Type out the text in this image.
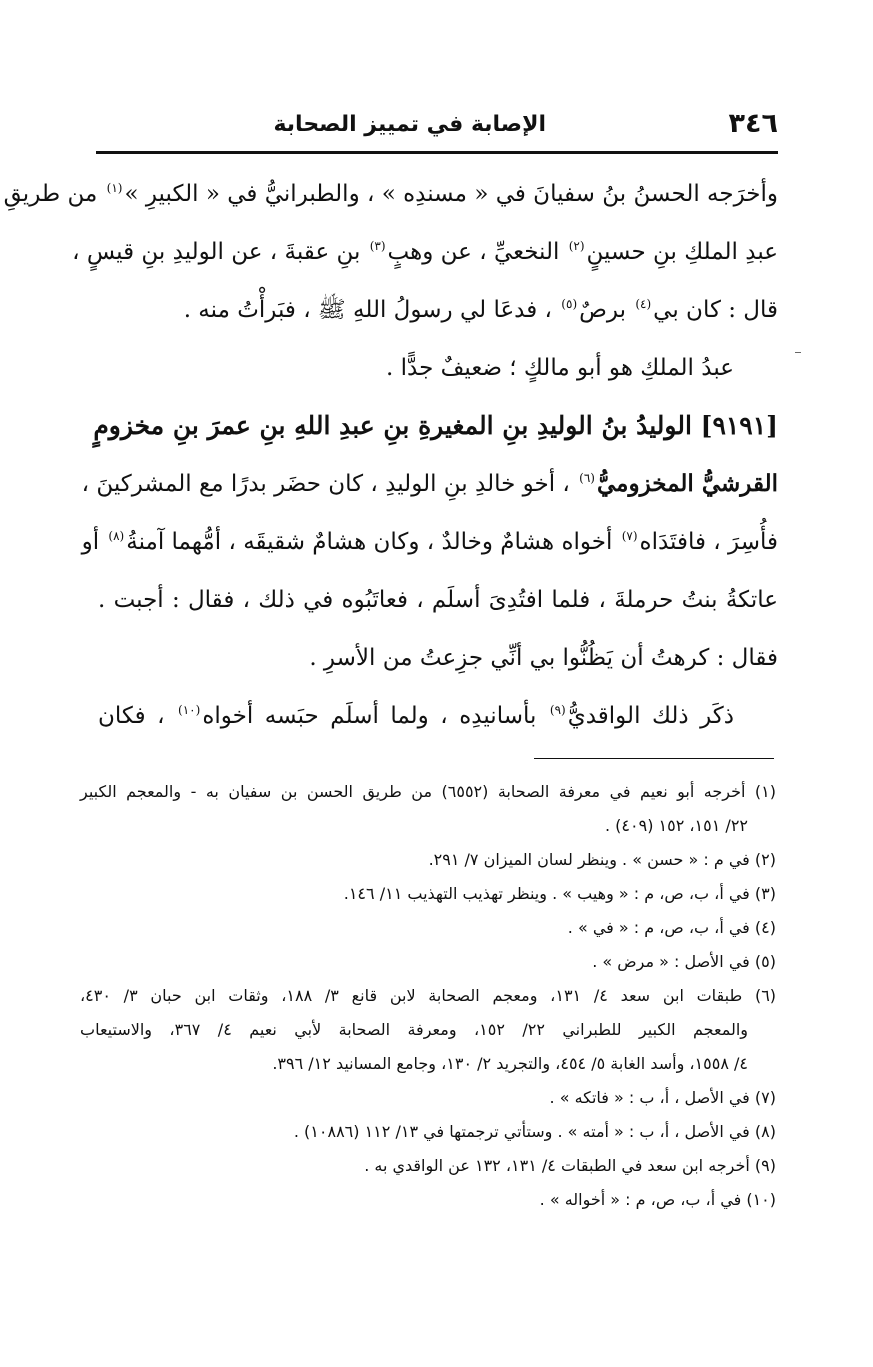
٣٤٦
الإصابة في تمييز الصحابة
وأخرَجه الحسنُ بنُ سفيانَ في « مسندِه » ، والطبرانيُّ في « الكبيرِ »$^{(١)}$ من طريقِ
عبدِ الملكِ بنِ حسينٍ$^{(٢)}$ النخعيِّ ، عن وهبٍ$^{(٣)}$ بنِ عقبةَ ، عن الوليدِ بنِ قيسٍ ،
قال : كان بي$^{(٤)}$ برصٌ$^{(٥)}$ ، فدعَا لي رسولُ اللهِ ﷺ ، فبَرأْتُ منه .
عبدُ الملكِ هو أبو مالكٍ ؛ ضعيفٌ جدًّا .
[٩١٩١] الوليدُ بنُ الوليدِ بنِ المغيرةِ بنِ عبدِ اللهِ بنِ عمرَ بنِ مخزومٍ
القرشيُّ المخزوميُّ$^{(٦)}$ ، أخو خالدِ بنِ الوليدِ ، كان حضَر بدرًا مع المشركينَ ،
فأُسِرَ ، فافتَدَاه$^{(٧)}$ أخواه هشامٌ وخالدٌ ، وكان هشامٌ شقيقَه ، أمُّهما آمنةُ$^{(٨)}$ أو
عاتكةُ بنتُ حرملةَ ، فلما افتُدِىَ أسلَم ، فعاتَبُوه في ذلك ، فقال : أجبت .
فقال : كرهتُ أن يَظُنُّوا بي أنِّي جزِعتُ من الأسرِ .
ذكَر ذلك الواقديُّ$^{(٩)}$ بأسانيدِه ، ولما أسلَم حبَسه أخواه$^{(١٠)}$ ، فكان
(١) أخرجه أبو نعيم في معرفة الصحابة (٦٥٥٢) من طريق الحسن بن سفيان به - والمعجم الكبير
٢٢/ ١٥١، ١٥٢ (٤٠٩) .
(٢) في م : « حسن » . وينظر لسان الميزان ٧/ ٢٩١.
(٣) في أ، ب، ص، م : « وهيب » . وينظر تهذيب التهذيب ١١/ ١٤٦.
(٤) في أ، ب، ص، م : « في » .
(٥) في الأصل : « مرض » .
(٦) طبقات ابن سعد ٤/ ١٣١، ومعجم الصحابة لابن قانع ٣/ ١٨٨، وثقات ابن حبان ٣/ ٤٣٠،
والمعجم الكبير للطبراني ٢٢/ ١٥٢، ومعرفة الصحابة لأبي نعيم ٤/ ٣٦٧، والاستيعاب
٤/ ١٥٥٨، وأسد الغابة ٥/ ٤٥٤، والتجريد ٢/ ١٣٠، وجامع المسانيد ١٢/ ٣٩٦.
(٧) في الأصل ، أ، ب : « فاتكه » .
(٨) في الأصل ، أ، ب : « أمته » . وستأتي ترجمتها في ١٣/ ١١٢ (١٠٨٨٦) .
(٩) أخرجه ابن سعد في الطبقات ٤/ ١٣١، ١٣٢ عن الواقدي به .
(١٠) في أ، ب، ص، م : « أخواله » .
